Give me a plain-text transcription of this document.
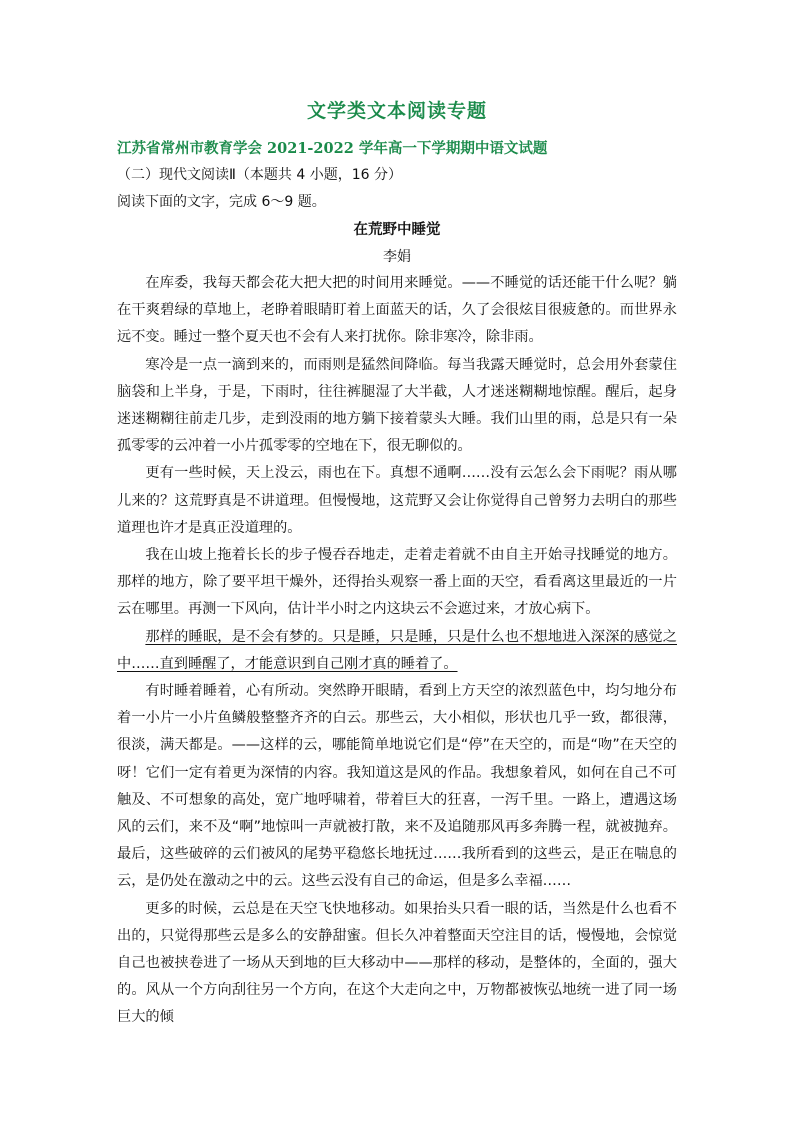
文学类文本阅读专题
江苏省常州市教育学会 2021-2022 学年高一下学期期中语文试题
（二）现代文阅读Ⅱ（本题共 4 小题，16 分）
阅读下面的文字，完成 6～9 题。
在荒野中睡觉
李娟

在库委，我每天都会花大把大把的时间用来睡觉。——不睡觉的话还能干什么呢？躺在干爽碧绿的草地上，老睁着眼睛盯着上面蓝天的话，久了会很炫目很疲惫的。而世界永远不变。睡过一整个夏天也不会有人来打扰你。除非寒冷，除非雨。

寒冷是一点一滴到来的，而雨则是猛然间降临。每当我露天睡觉时，总会用外套蒙住脑袋和上半身，于是，下雨时，往往裤腿湿了大半截，人才迷迷糊糊地惊醒。醒后，起身迷迷糊糊往前走几步，走到没雨的地方躺下接着蒙头大睡。我们山里的雨，总是只有一朵孤零零的云冲着一小片孤零零的空地在下，很无聊似的。

更有一些时候，天上没云，雨也在下。真想不通啊……没有云怎么会下雨呢？雨从哪儿来的？这荒野真是不讲道理。但慢慢地，这荒野又会让你觉得自己曾努力去明白的那些道理也许才是真正没道理的。

我在山坡上拖着长长的步子慢吞吞地走，走着走着就不由自主开始寻找睡觉的地方。那样的地方，除了要平坦干燥外，还得抬头观察一番上面的天空，看看离这里最近的一片云在哪里。再测一下风向，估计半小时之内这块云不会遮过来，才放心病下。

那样的睡眠，是不会有梦的。只是睡，只是睡，只是什么也不想地进入深深的感觉之中……直到睡醒了，才能意识到自己刚才真的睡着了。

有时睡着睡着，心有所动。突然睁开眼睛，看到上方天空的浓烈蓝色中，均匀地分布着一小片一小片鱼鳞般整整齐齐的白云。那些云，大小相似，形状也几乎一致，都很薄，很淡，满天都是。——这样的云，哪能简单地说它们是“停”在天空的，而是“吻”在天空的呀！它们一定有着更为深情的内容。我知道这是风的作品。我想象着风，如何在自己不可触及、不可想象的高处，宽广地呼啸着，带着巨大的狂喜，一泻千里。一路上，遭遇这场风的云们，来不及“啊”地惊叫一声就被打散，来不及追随那风再多奔腾一程，就被抛弃。最后，这些破碎的云们被风的尾势平稳悠长地抚过……我所看到的这些云，是正在喘息的云，是仍处在激动之中的云。这些云没有自己的命运，但是多么幸福……

更多的时候，云总是在天空飞快地移动。如果抬头只看一眼的话，当然是什么也看不出的，只觉得那些云是多么的安静甜蜜。但长久冲着整面天空注目的话，慢慢地，会惊觉自己也被挟卷进了一场从天到地的巨大移动中——那样的移动，是整体的，全面的，强大的。风从一个方向刮往另一个方向，在这个大走向之中，万物都被恢弘地统一进了同一场巨大的倾
